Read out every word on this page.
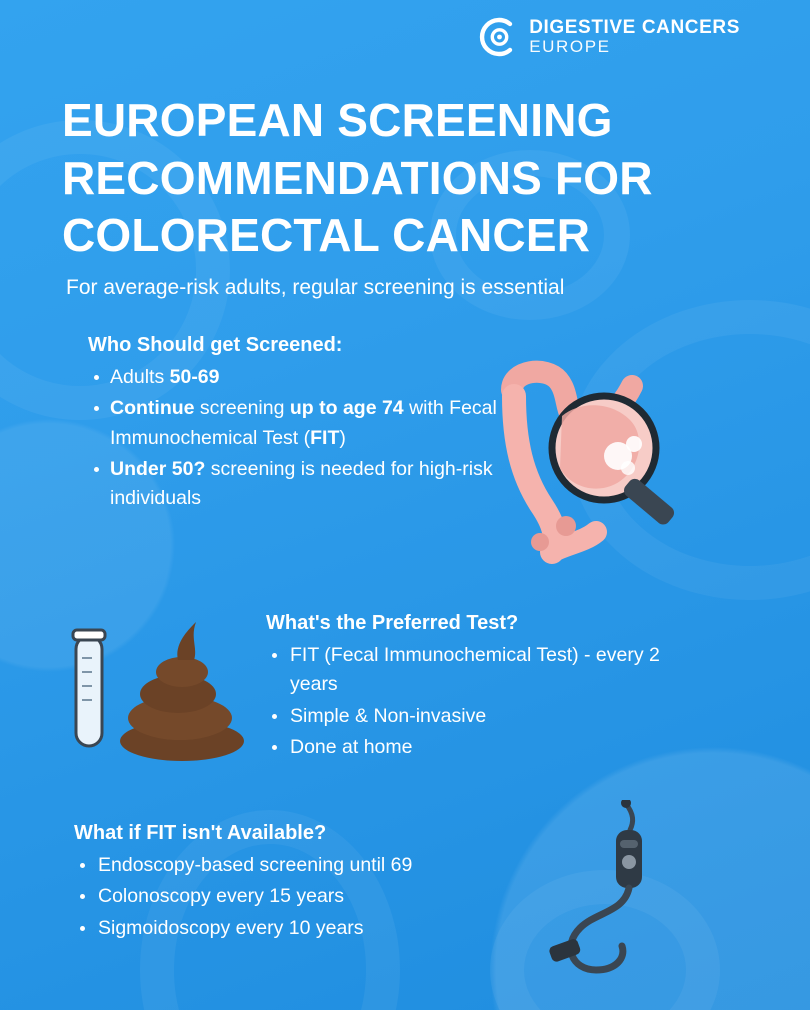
DIGESTIVE CANCERS
EUROPE
EUROPEAN SCREENING RECOMMENDATIONS FOR COLORECTAL CANCER
For average-risk adults, regular screening is essential
Who Should get Screened:
Adults 50-69
Continue screening up to age 74 with Fecal Immunochemical Test (FIT)
Under 50? screening is needed for high-risk individuals
What's the Preferred Test?
FIT (Fecal Immunochemical Test) - every 2 years
Simple & Non-invasive
Done at home
What if FIT isn't Available?
Endoscopy-based screening until 69
Colonoscopy every 15 years
Sigmoidoscopy every 10 years
